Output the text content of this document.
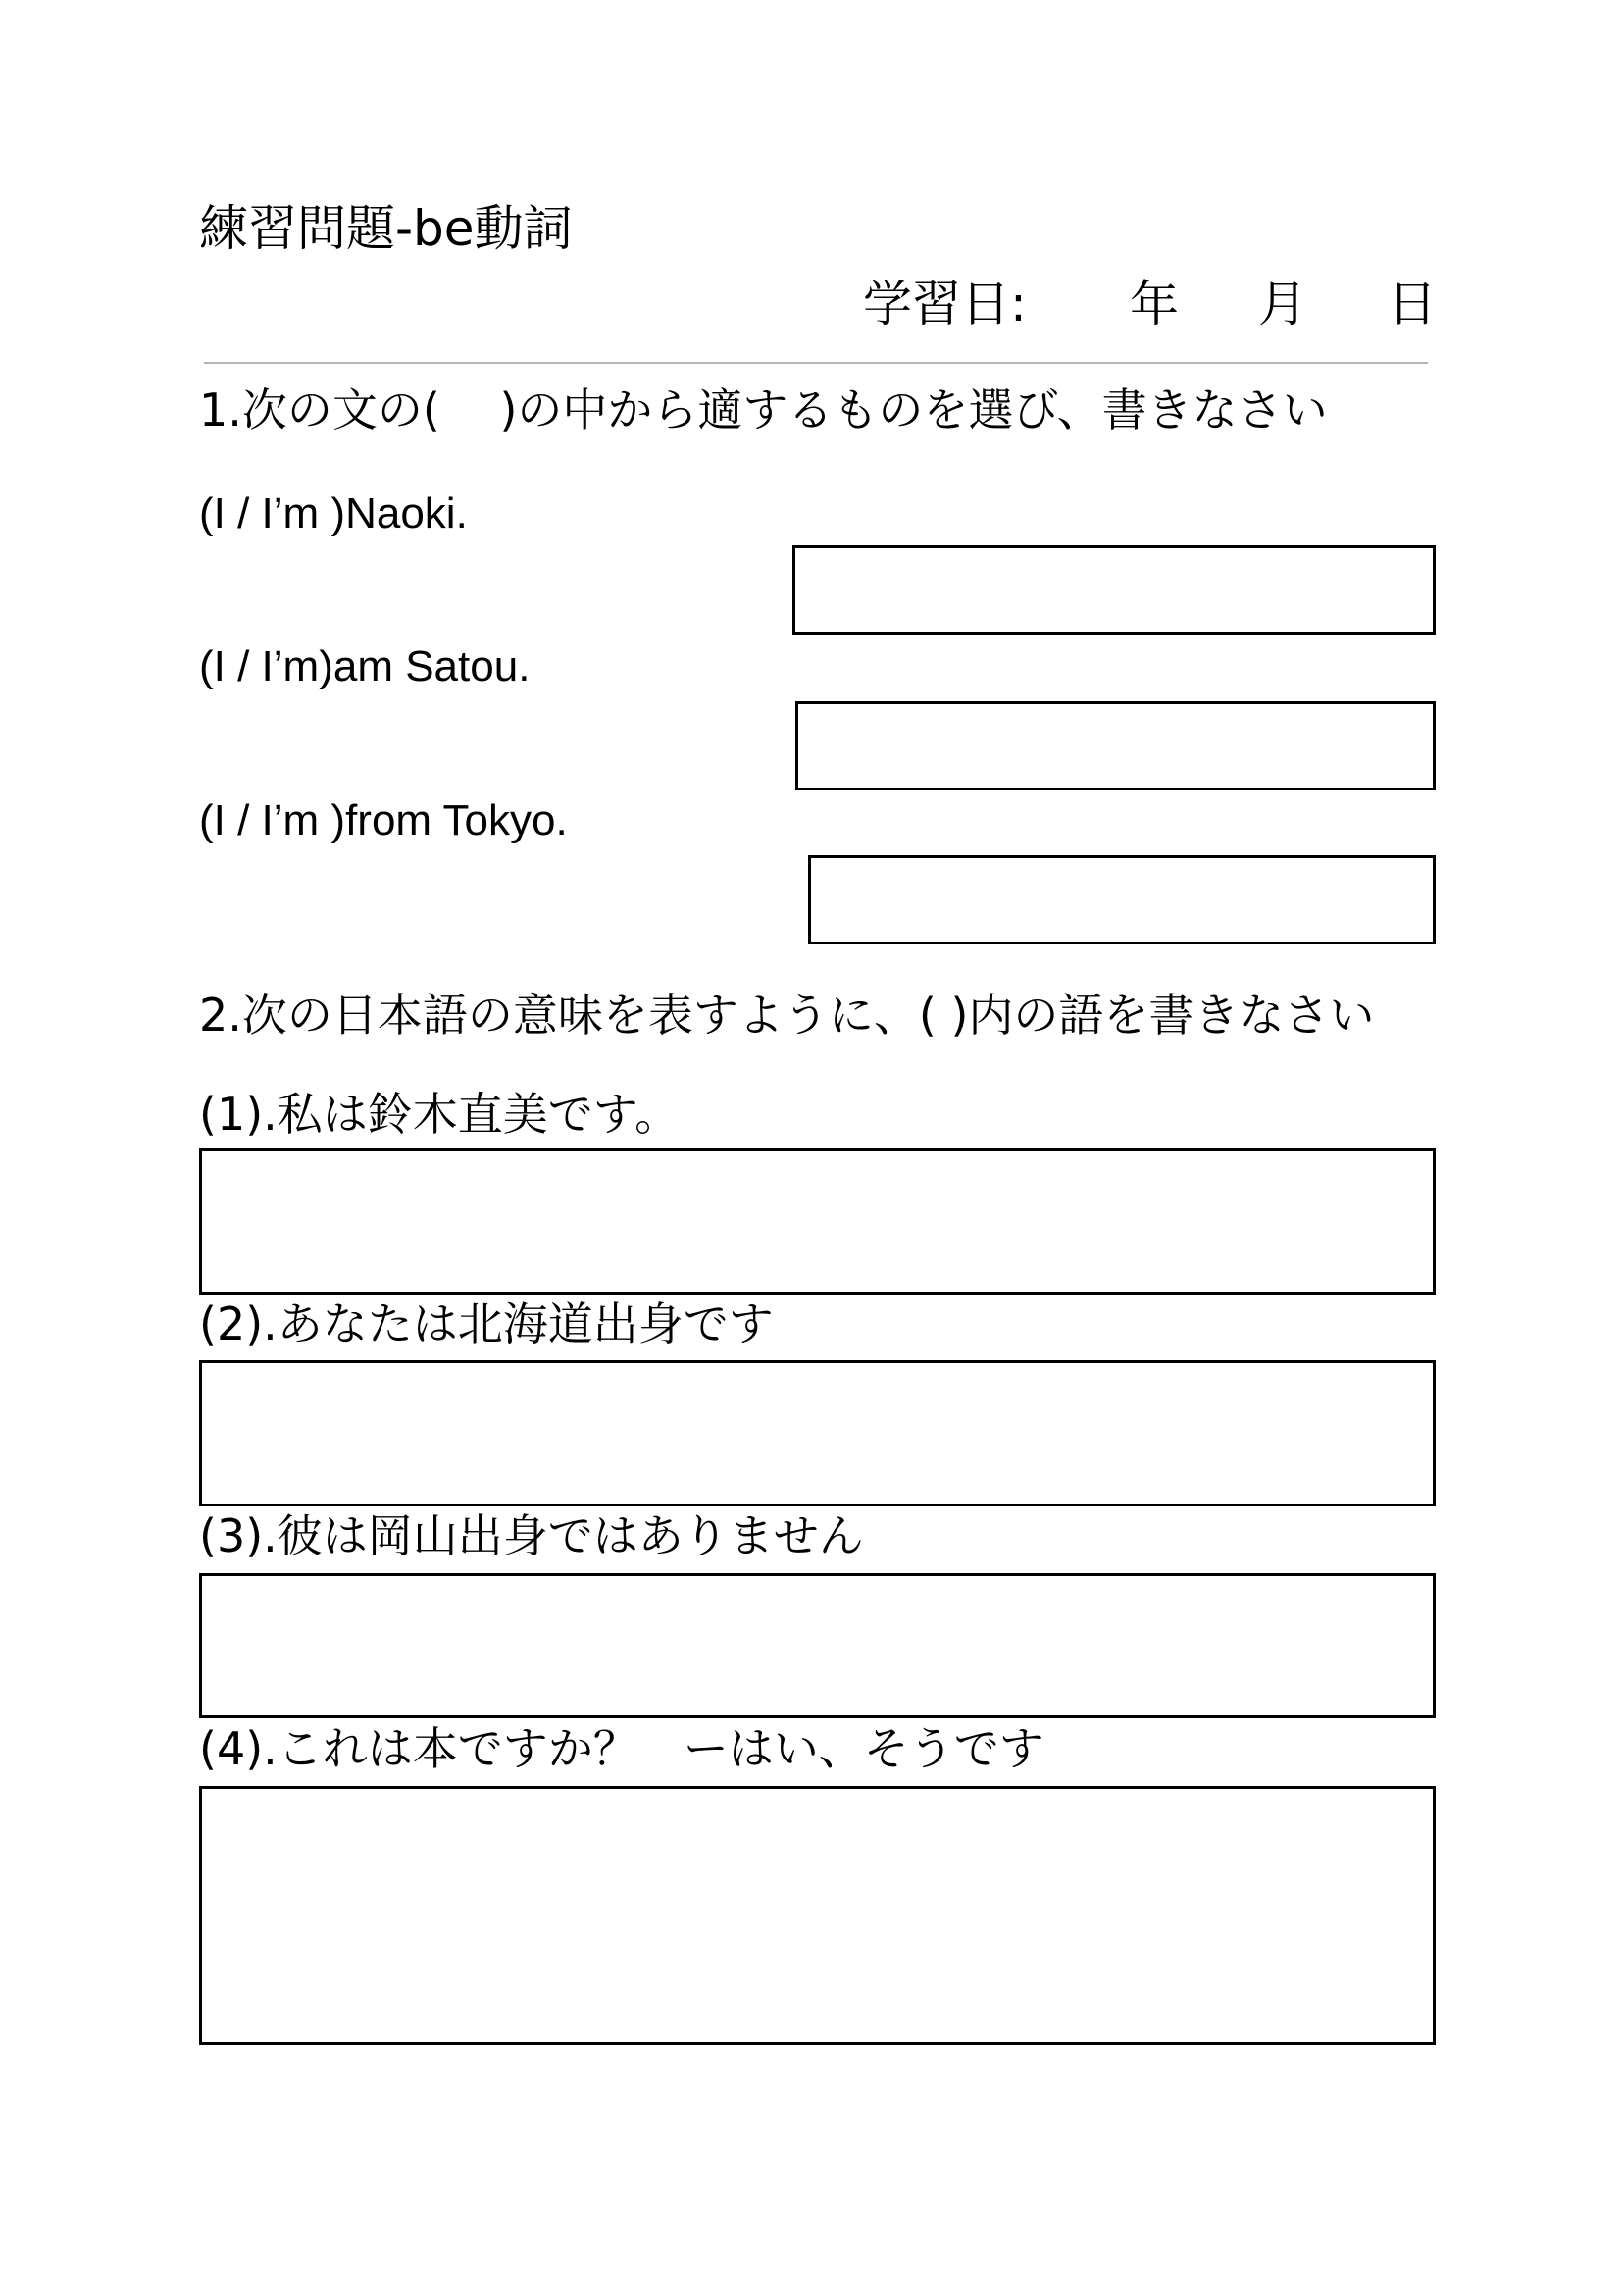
練習問題-be動詞
学習日: 年 月 日
1.次の文の(　 )の中から適するものを選び、書きなさい
(I / I’m )Naoki.
(I / I’m)am Satou.
(I / I’m )from Tokyo.
2.次の日本語の意味を表すように、( )内の語を書きなさい
(1).私は鈴木直美です。
(2).あなたは北海道出身です
(3).彼は岡山出身ではありません
(4).これは本ですか？　ーはい、そうです
